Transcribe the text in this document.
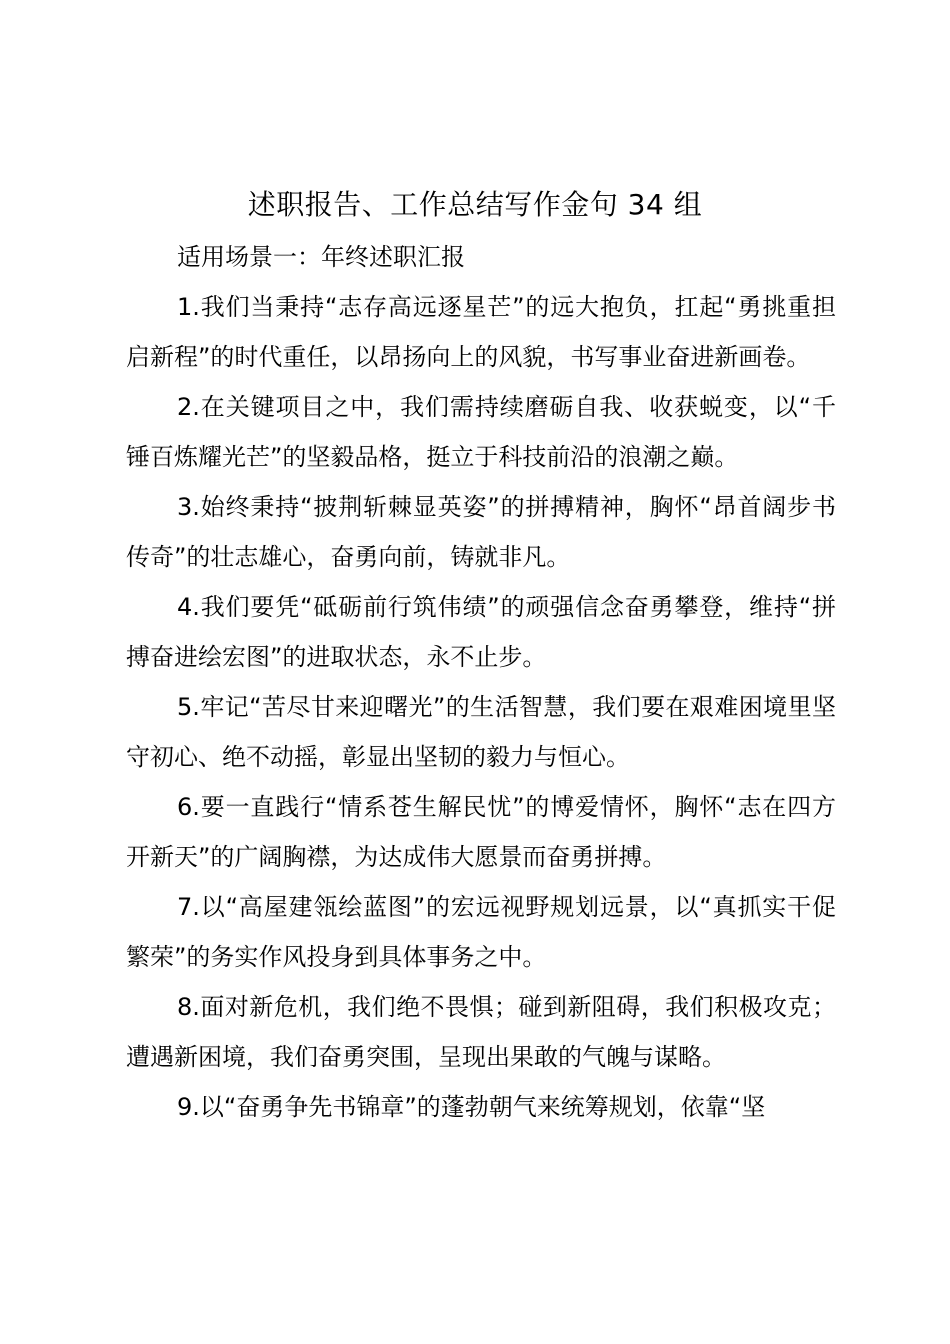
述职报告、工作总结写作金句 34 组

适用场景一：年终述职汇报

1.我们当秉持“志存高远逐星芒”的远大抱负，扛起“勇挑重担启新程”的时代重任，以昂扬向上的风貌，书写事业奋进新画卷。

2.在关键项目之中，我们需持续磨砺自我、收获蜕变，以“千锤百炼耀光芒”的坚毅品格，挺立于科技前沿的浪潮之巅。

3.始终秉持“披荆斩棘显英姿”的拼搏精神，胸怀“昂首阔步书传奇”的壮志雄心，奋勇向前，铸就非凡。

4.我们要凭“砥砺前行筑伟绩”的顽强信念奋勇攀登，维持“拼搏奋进绘宏图”的进取状态，永不止步。

5.牢记“苦尽甘来迎曙光”的生活智慧，我们要在艰难困境里坚守初心、绝不动摇，彰显出坚韧的毅力与恒心。

6.要一直践行“情系苍生解民忧”的博爱情怀，胸怀“志在四方开新天”的广阔胸襟，为达成伟大愿景而奋勇拼搏。

7.以“高屋建瓴绘蓝图”的宏远视野规划远景，以“真抓实干促繁荣”的务实作风投身到具体事务之中。

8.面对新危机，我们绝不畏惧；碰到新阻碍，我们积极攻克；遭遇新困境，我们奋勇突围，呈现出果敢的气魄与谋略。

9.以“奋勇争先书锦章”的蓬勃朝气来统筹规划，依靠“坚
